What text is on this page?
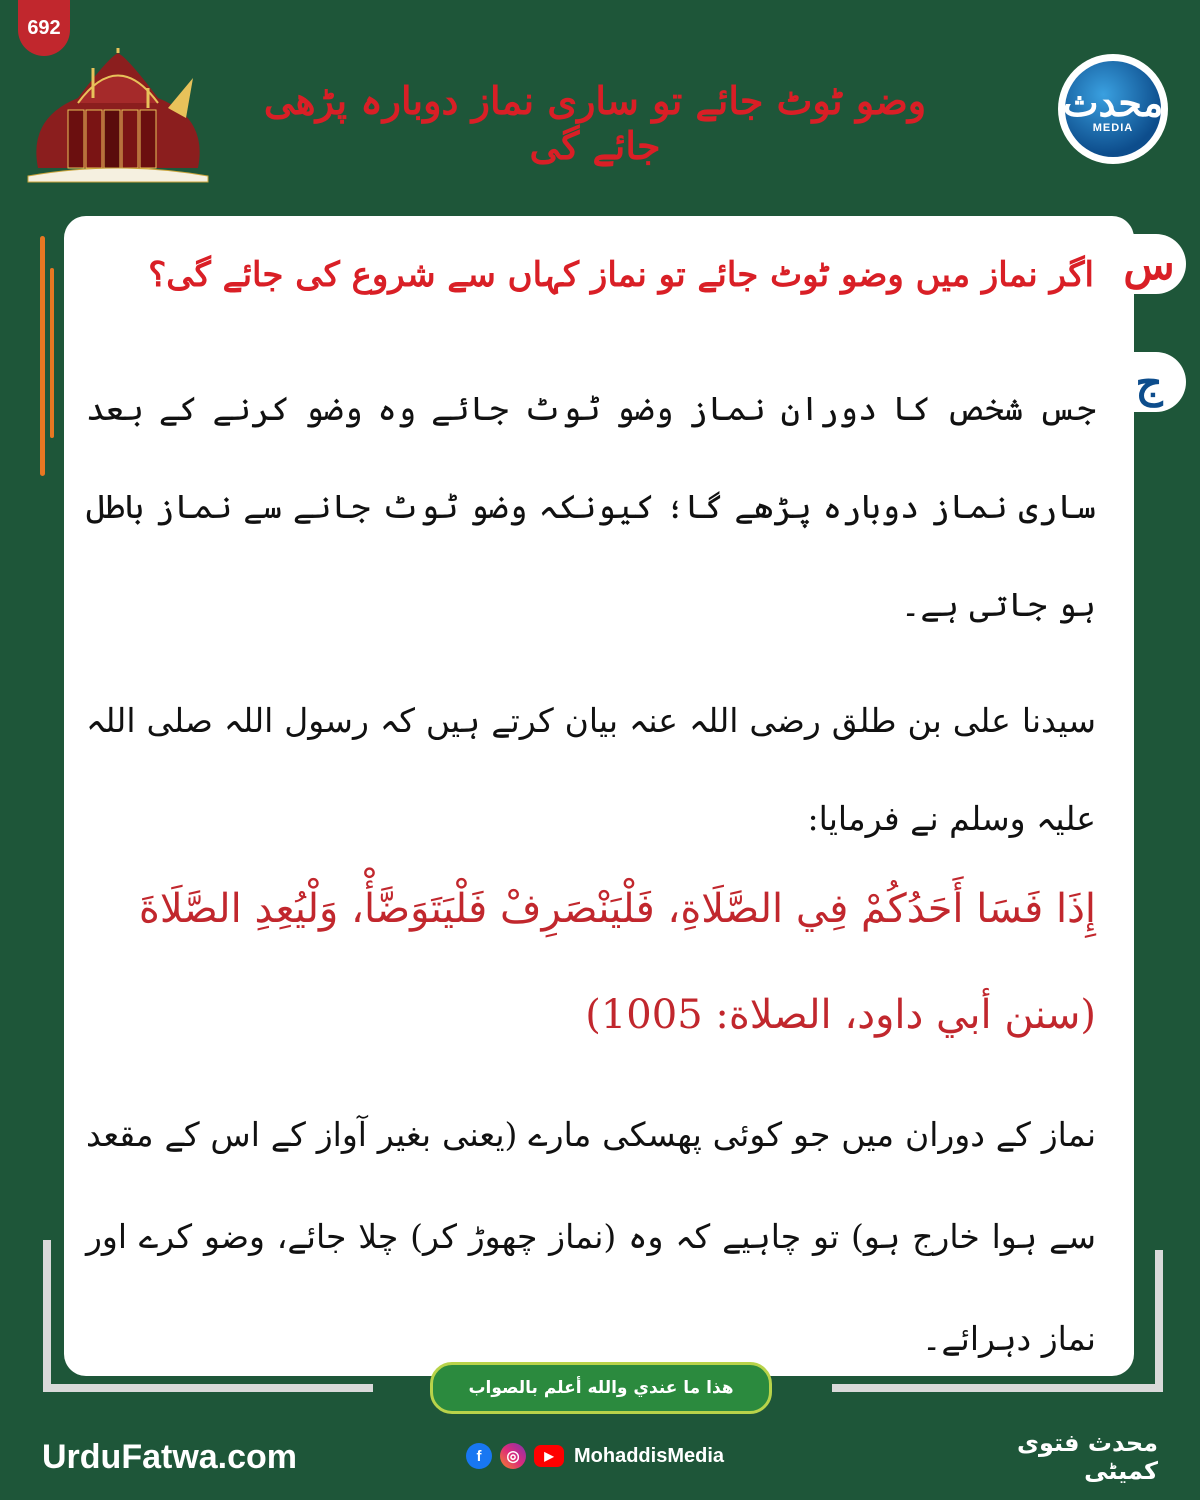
692
وضو ٹوٹ جائے تو ساری نماز دوبارہ پڑھی جائے گی
محدث
MEDIA
س
ج
اگر نماز میں وضو ٹوٹ جائے تو نماز کہاں سے شروع کی جائے گی؟
جس شخص کا دوران نماز وضو ٹوٹ جائے وہ وضو کرنے کے بعد ساری نماز دوبارہ پڑھے گا؛ کیونکہ وضو ٹوٹ جانے سے نماز باطل ہو جاتی ہے۔
سیدنا علی بن طلق رضی اللہ عنہ بیان کرتے ہیں کہ رسول اللہ صلی اللہ علیہ وسلم نے فرمایا:
إِذَا فَسَا أَحَدُكُمْ فِي الصَّلَاةِ، فَلْيَنْصَرِفْ فَلْيَتَوَضَّأْ، وَلْيُعِدِ الصَّلَاةَ (سنن أبي داود، الصلاة: 1005)
نماز کے دوران میں جو کوئی پھسکی مارے (یعنی بغیر آواز کے اس کے مقعد سے ہوا خارج ہو) تو چاہیے کہ وہ (نماز چھوڑ کر) چلا جائے، وضو کرے اور نماز دہرائے۔
هذا ما عندي والله أعلم بالصواب
UrduFatwa.com	f	◎	▶	MohaddisMedia	محدث فتوی کمیٹی
